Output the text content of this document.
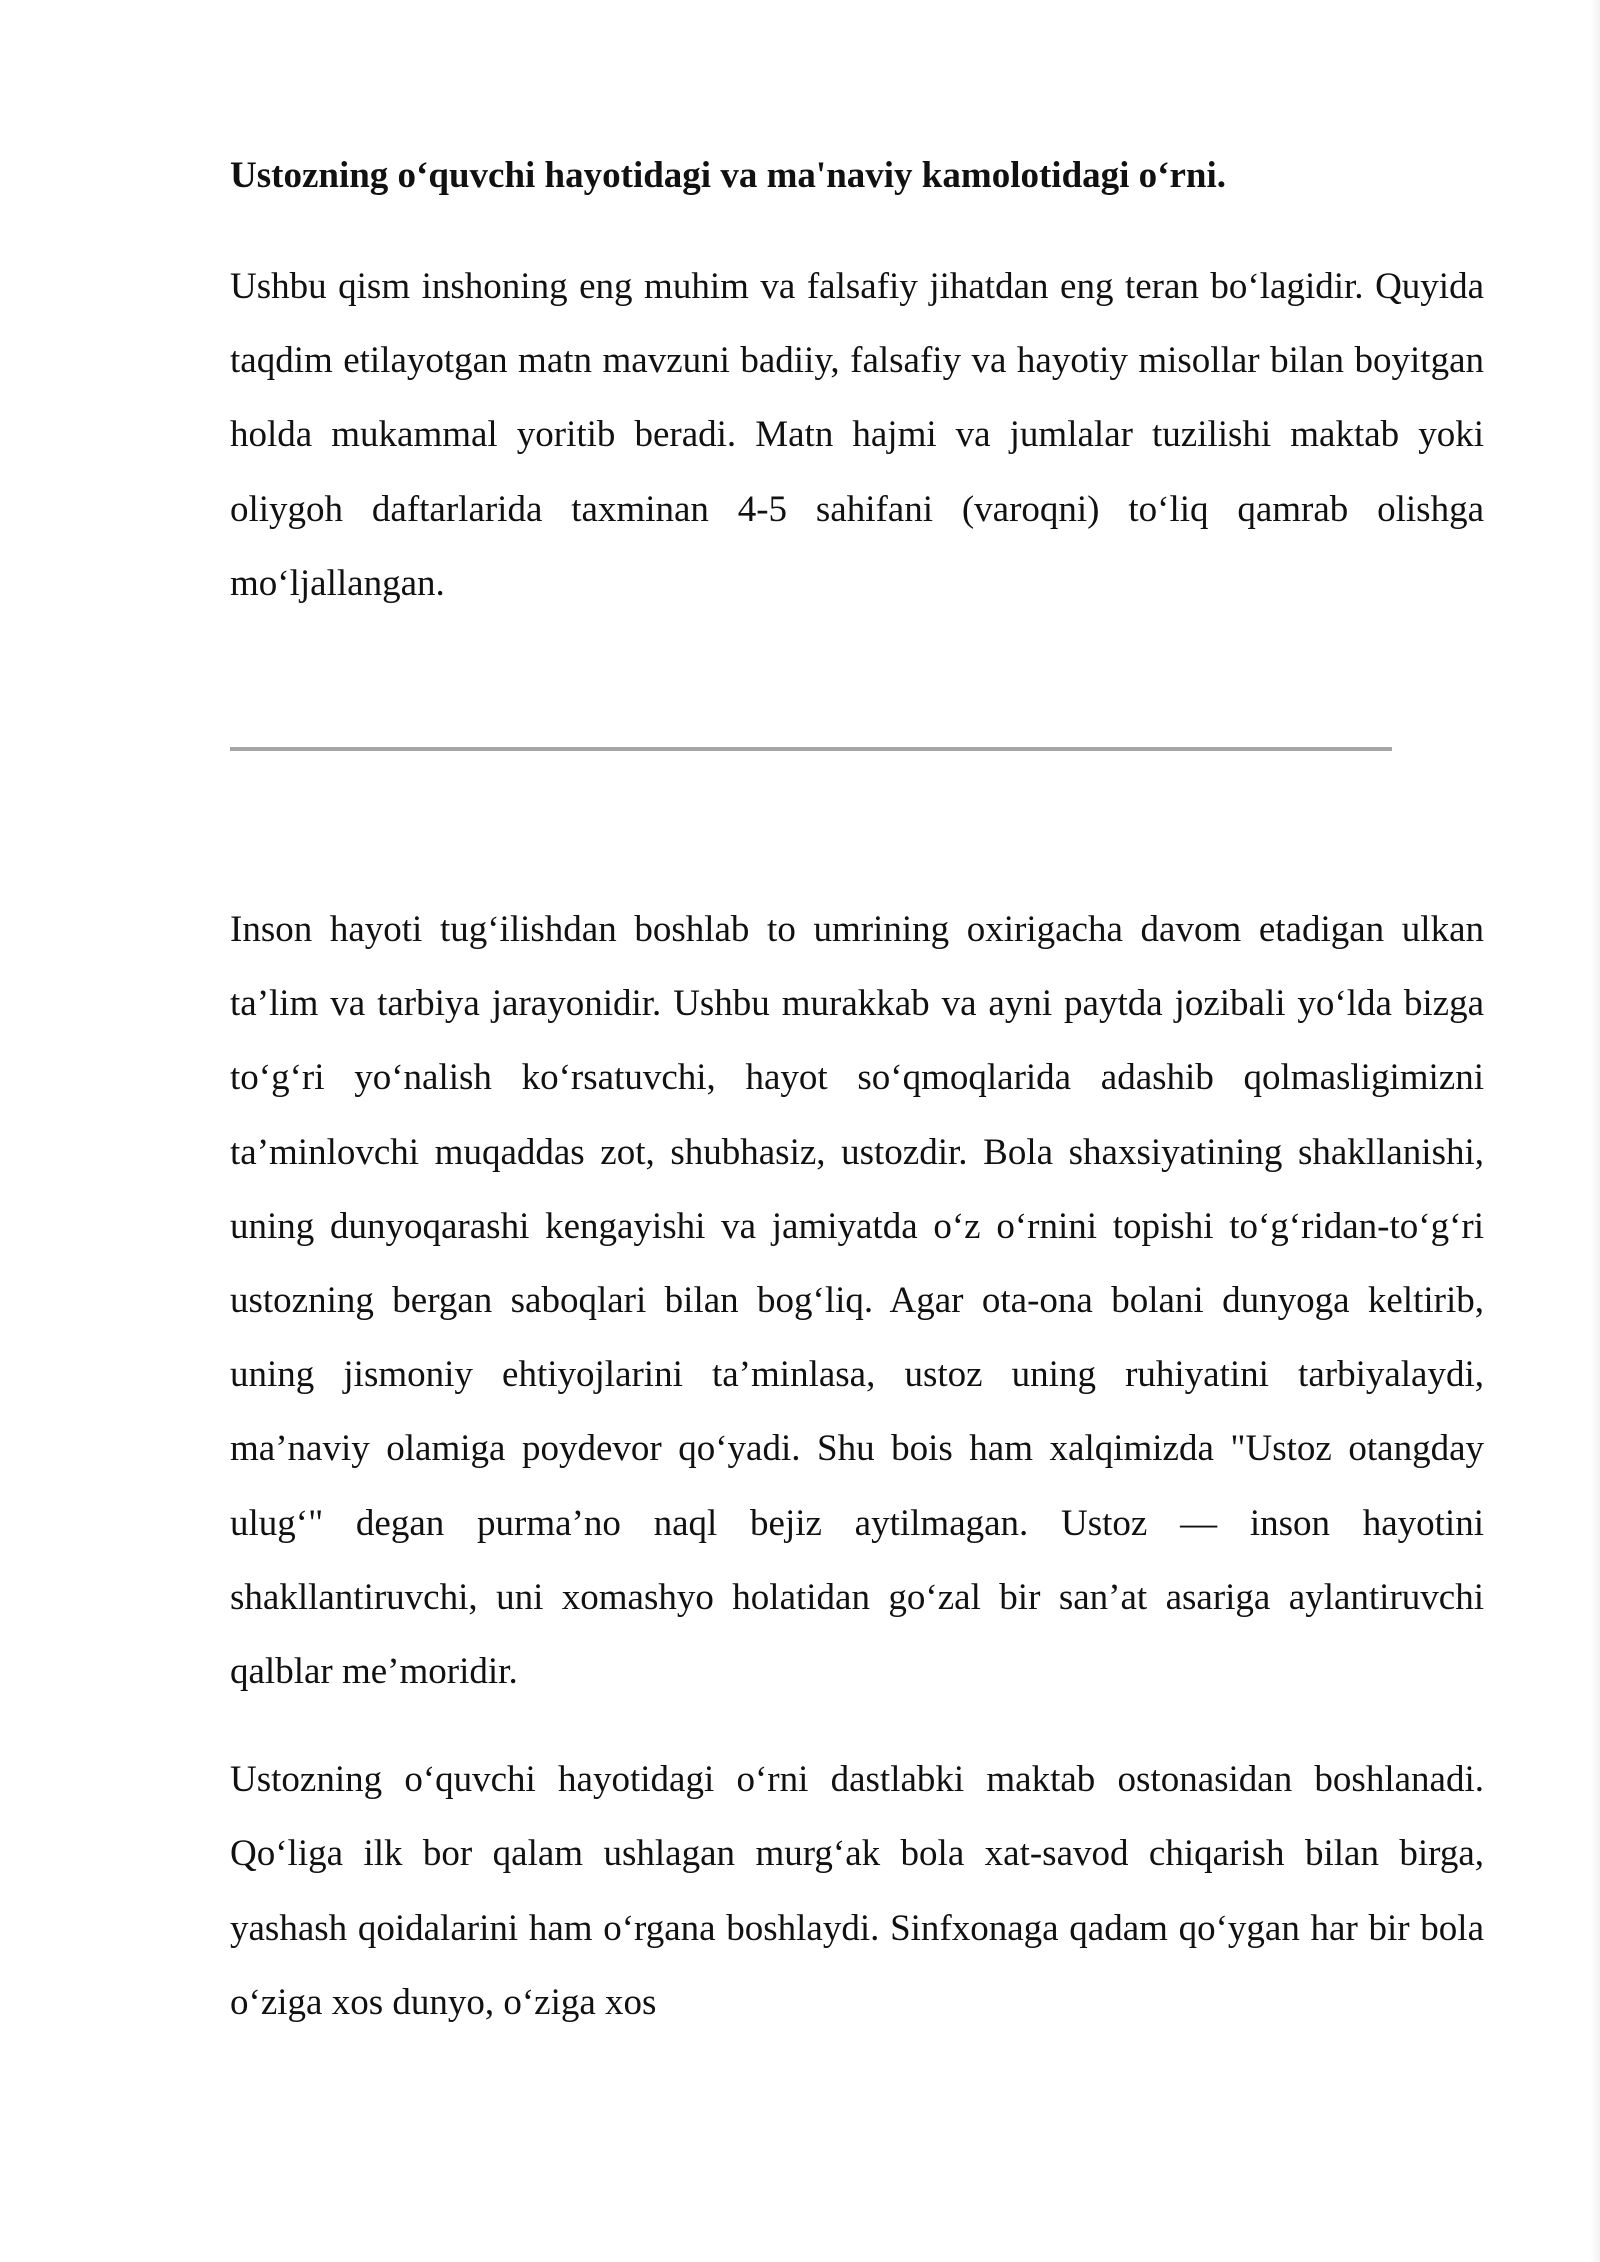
Ustozning oʻquvchi hayotidagi va ma'naviy kamolotidagi oʻrni.

Ushbu qism inshoning eng muhim va falsafiy jihatdan eng teran boʻlagidir. Quyida taqdim etilayotgan matn mavzuni badiiy, falsafiy va hayotiy misollar bilan boyitgan holda mukammal yoritib beradi. Matn hajmi va jumlalar tuzilishi maktab yoki oliygoh daftarlarida taxminan 4-5 sahifani (varoqni) toʻliq qamrab olishga moʻljallangan.

Inson hayoti tugʻilishdan boshlab to umrining oxirigacha davom etadigan ulkan taʼlim va tarbiya jarayonidir. Ushbu murakkab va ayni paytda jozibali yoʻlda bizga toʻgʻri yoʻnalish koʻrsatuvchi, hayot soʻqmoqlarida adashib qolmasligimizni taʼminlovchi muqaddas zot, shubhasiz, ustozdir. Bola shaxsiyatining shakllanishi, uning dunyoqarashi kengayishi va jamiyatda oʻz oʻrnini topishi toʻgʻridan-toʻgʻri ustozning bergan saboqlari bilan bogʻliq. Agar ota-ona bolani dunyoga keltirib, uning jismoniy ehtiyojlarini taʼminlasa, ustoz uning ruhiyatini tarbiyalaydi, maʼnaviy olamiga poydevor qoʻyadi. Shu bois ham xalqimizda "Ustoz otangday ulugʻ" degan purmaʼno naql bejiz aytilmagan. Ustoz — inson hayotini shakllantiruvchi, uni xomashyo holatidan goʻzal bir sanʼat asariga aylantiruvchi qalblar meʼmoridir.

Ustozning oʻquvchi hayotidagi oʻrni dastlabki maktab ostonasidan boshlanadi. Qoʻliga ilk bor qalam ushlagan murgʻak bola xat-savod chiqarish bilan birga, yashash qoidalarini ham oʻrgana boshlaydi. Sinfxonaga qadam qoʻygan har bir bola oʻziga xos dunyo, oʻziga xos
